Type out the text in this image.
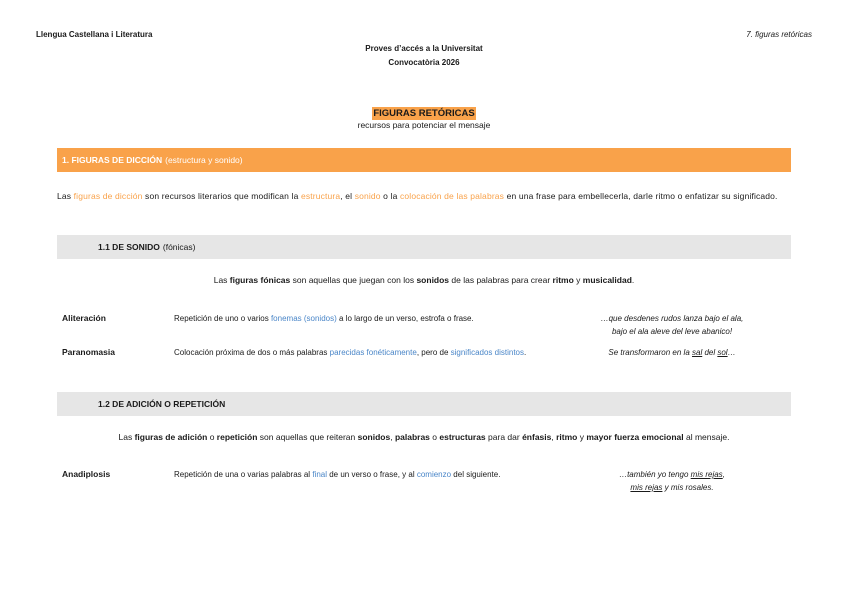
Llengua Castellana i Literatura	7. figuras retóricas
Proves d’accés a la Universitat
Convocatòria 2026
FIGURAS RETÓRICAS
recursos para potenciar el mensaje
1. FIGURAS DE DICCIÓN (estructura y sonido)
Las figuras de dicción son recursos literarios que modifican la estructura, el sonido o la colocación de las palabras en una frase para embellecerla, darle ritmo o enfatizar su significado.
1.1 DE SONIDO (fónicas)
Las figuras fónicas son aquellas que juegan con los sonidos de las palabras para crear ritmo y musicalidad.
Aliteración	Repetición de uno o varios fonemas (sonidos) a lo largo de un verso, estrofa o frase.	…que desdenes rudos lanza bajo el ala,
bajo el ala aleve del leve abanico!
Paranomasia	Colocación próxima de dos o más palabras parecidas fonéticamente, pero de significados distintos.	Se transformaron en la sal del sol…
1.2 DE ADICIÓN O REPETICIÓN
Las figuras de adición o repetición son aquellas que reiteran sonidos, palabras o estructuras para dar énfasis, ritmo y mayor fuerza emocional al mensaje.
Anadiplosis	Repetición de una o varias palabras al final de un verso o frase, y al comienzo del siguiente.	…también yo tengo mis rejas,
mis rejas y mis rosales.
